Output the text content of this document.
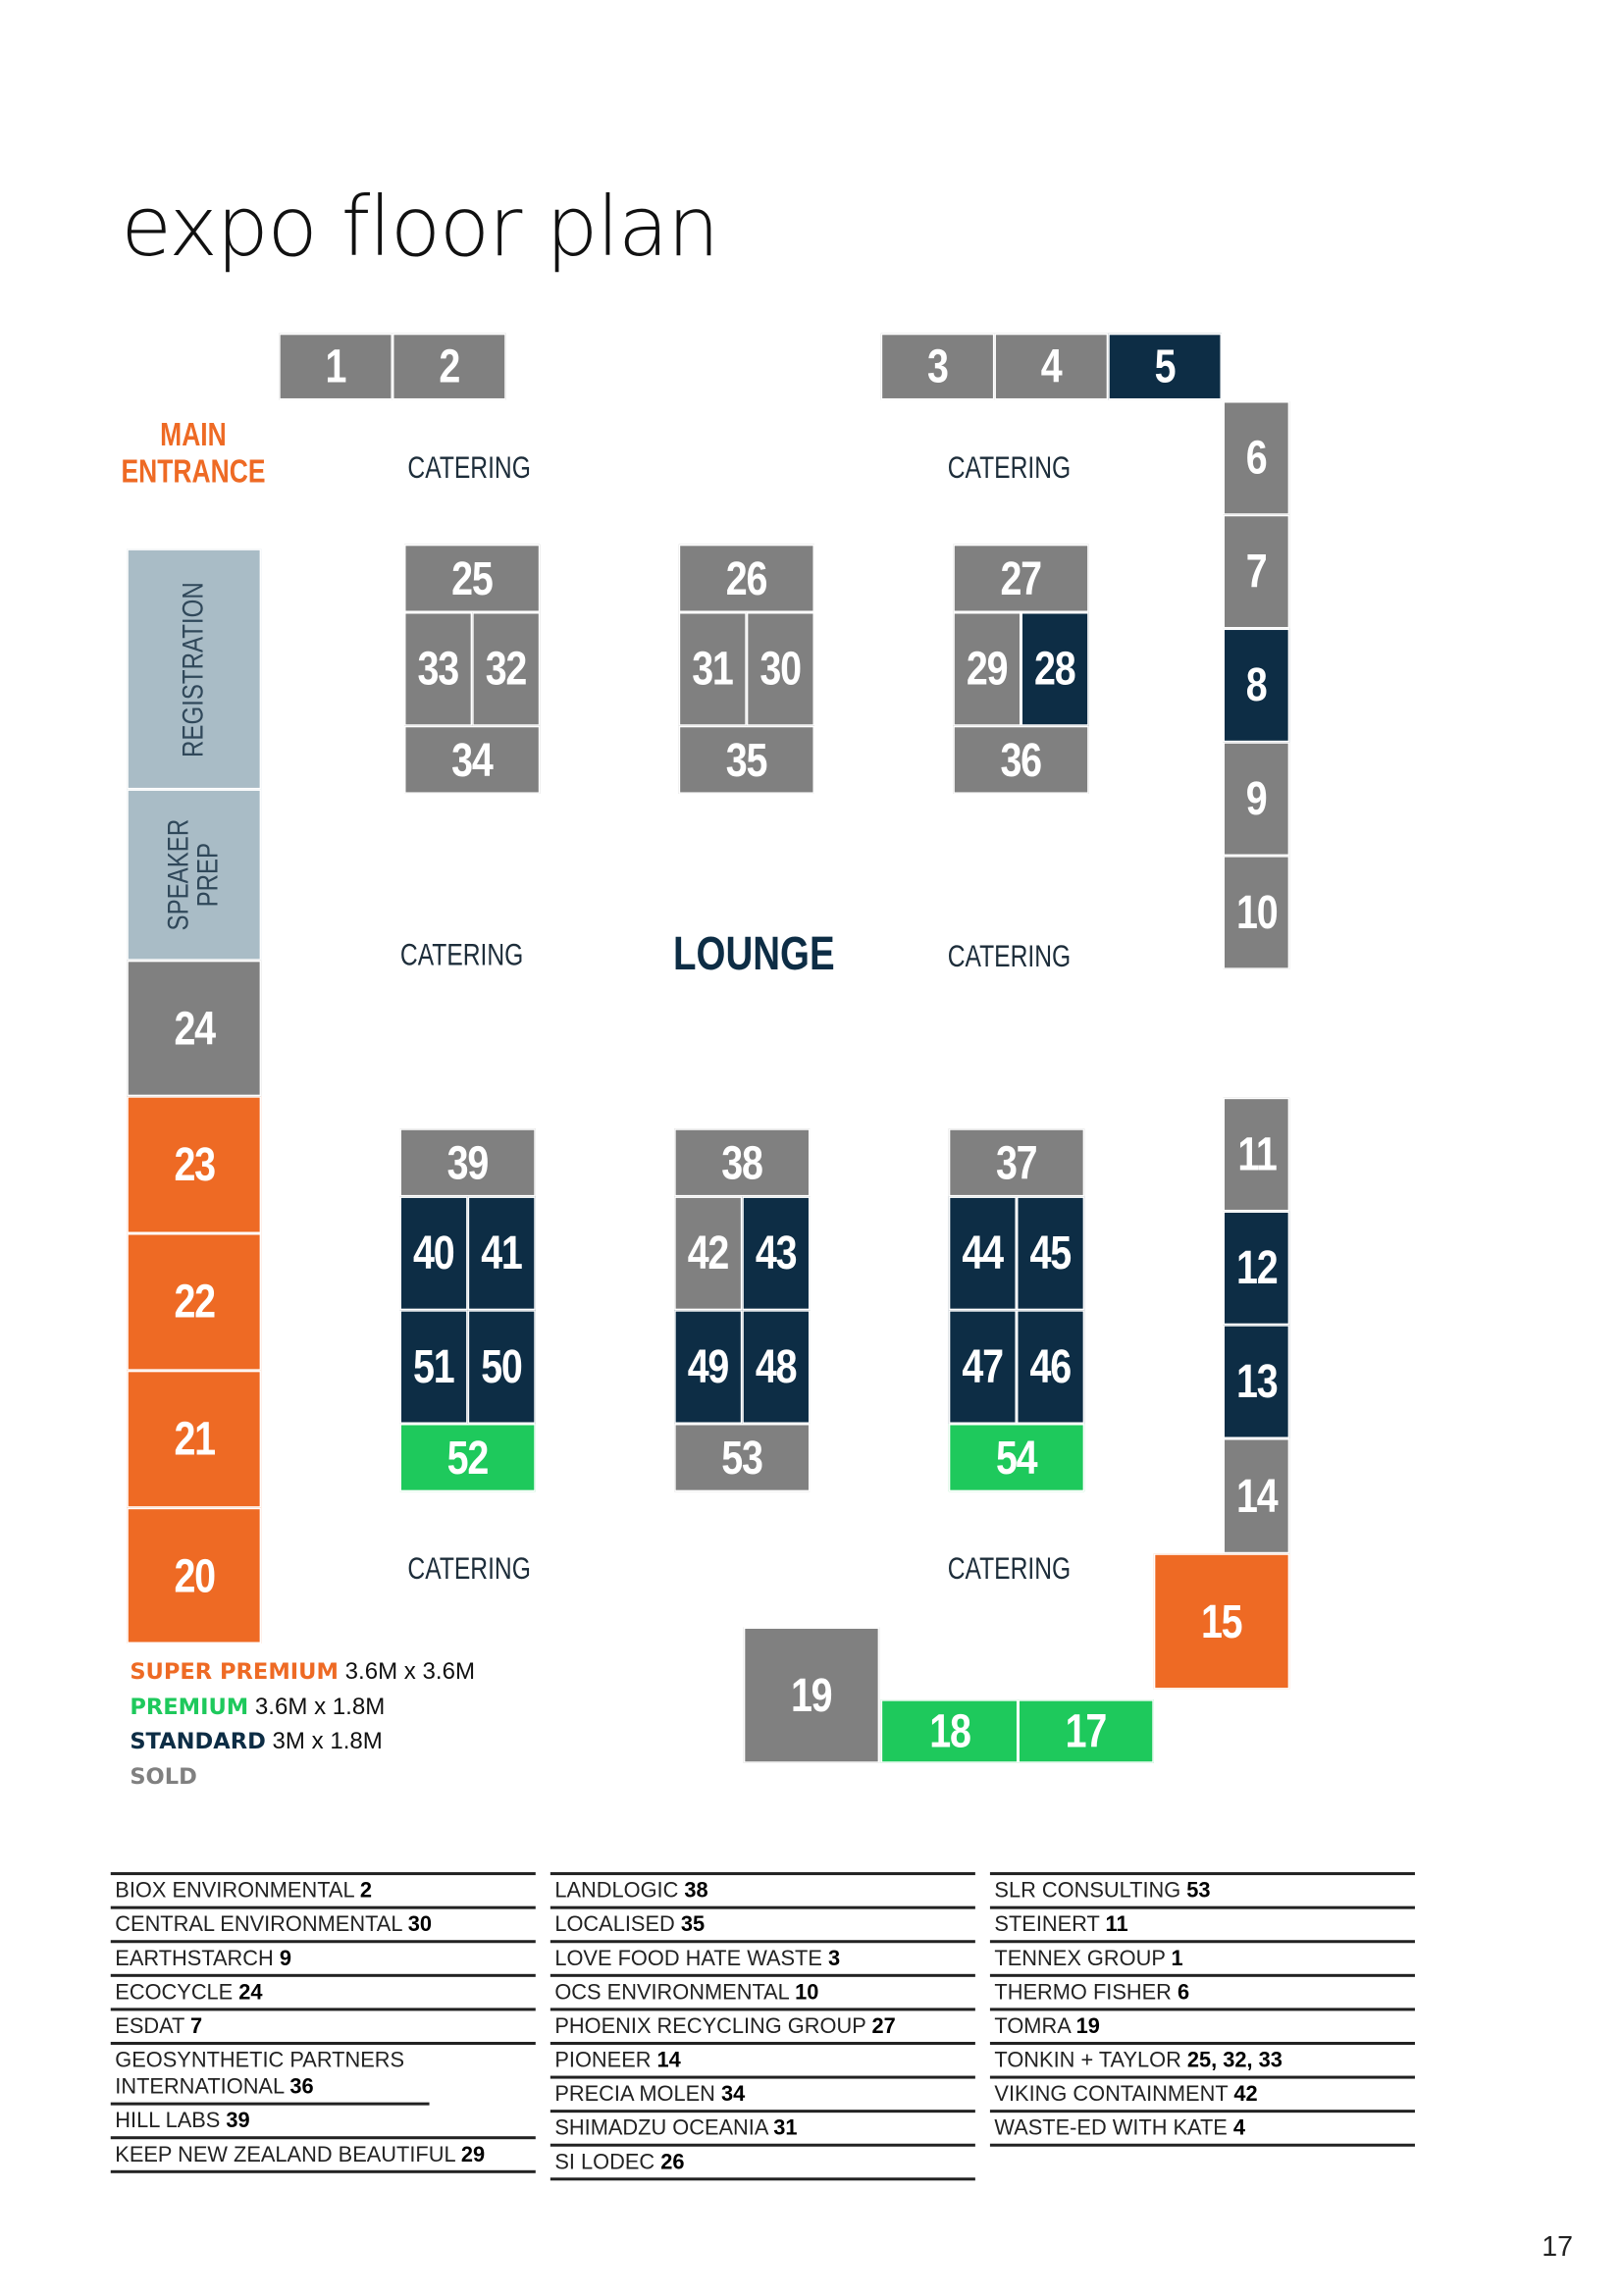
expo floor plan
MAIN
ENTRANCE
REGISTRATION
SPEAKER
PREP
CATERING	CATERING
CATERING	CATERING
CATERING	CATERING
LOUNGE
1	2	3	4	5
6
7
8
9
10
11
12
13
14
15
17
18
19
20
21
22
23
24
25	26	27
28
29
30
31
32
33
34	35	36
37
38
39
40 41	42 43	44 45
46
47
48
49
50
51
52	53	54
SUPER PREMIUM 3.6M x 3.6M
PREMIUM 3.6M x 1.8M
STANDARD 3M x 1.8M
SOLD
BIOX ENVIRONMENTAL 2
CENTRAL ENVIRONMENTAL 30
EARTHSTARCH 9
ECOCYCLE 24
ESDAT 7
GEOSYNTHETIC PARTNERS INTERNATIONAL 36
HILL LABS 39
KEEP NEW ZEALAND BEAUTIFUL 29
LANDLOGIC 38
LOCALISED 35
LOVE FOOD HATE WASTE 3
OCS ENVIRONMENTAL 10
PHOENIX RECYCLING GROUP 27
PIONEER 14
PRECIA MOLEN 34
SHIMADZU OCEANIA 31
SI LODEC 26
SLR CONSULTING 53
STEINERT 11
TENNEX GROUP 1
THERMO FISHER 6
TOMRA 19
TONKIN + TAYLOR 25, 32, 33
VIKING CONTAINMENT 42
WASTE-ED WITH KATE 4
17
